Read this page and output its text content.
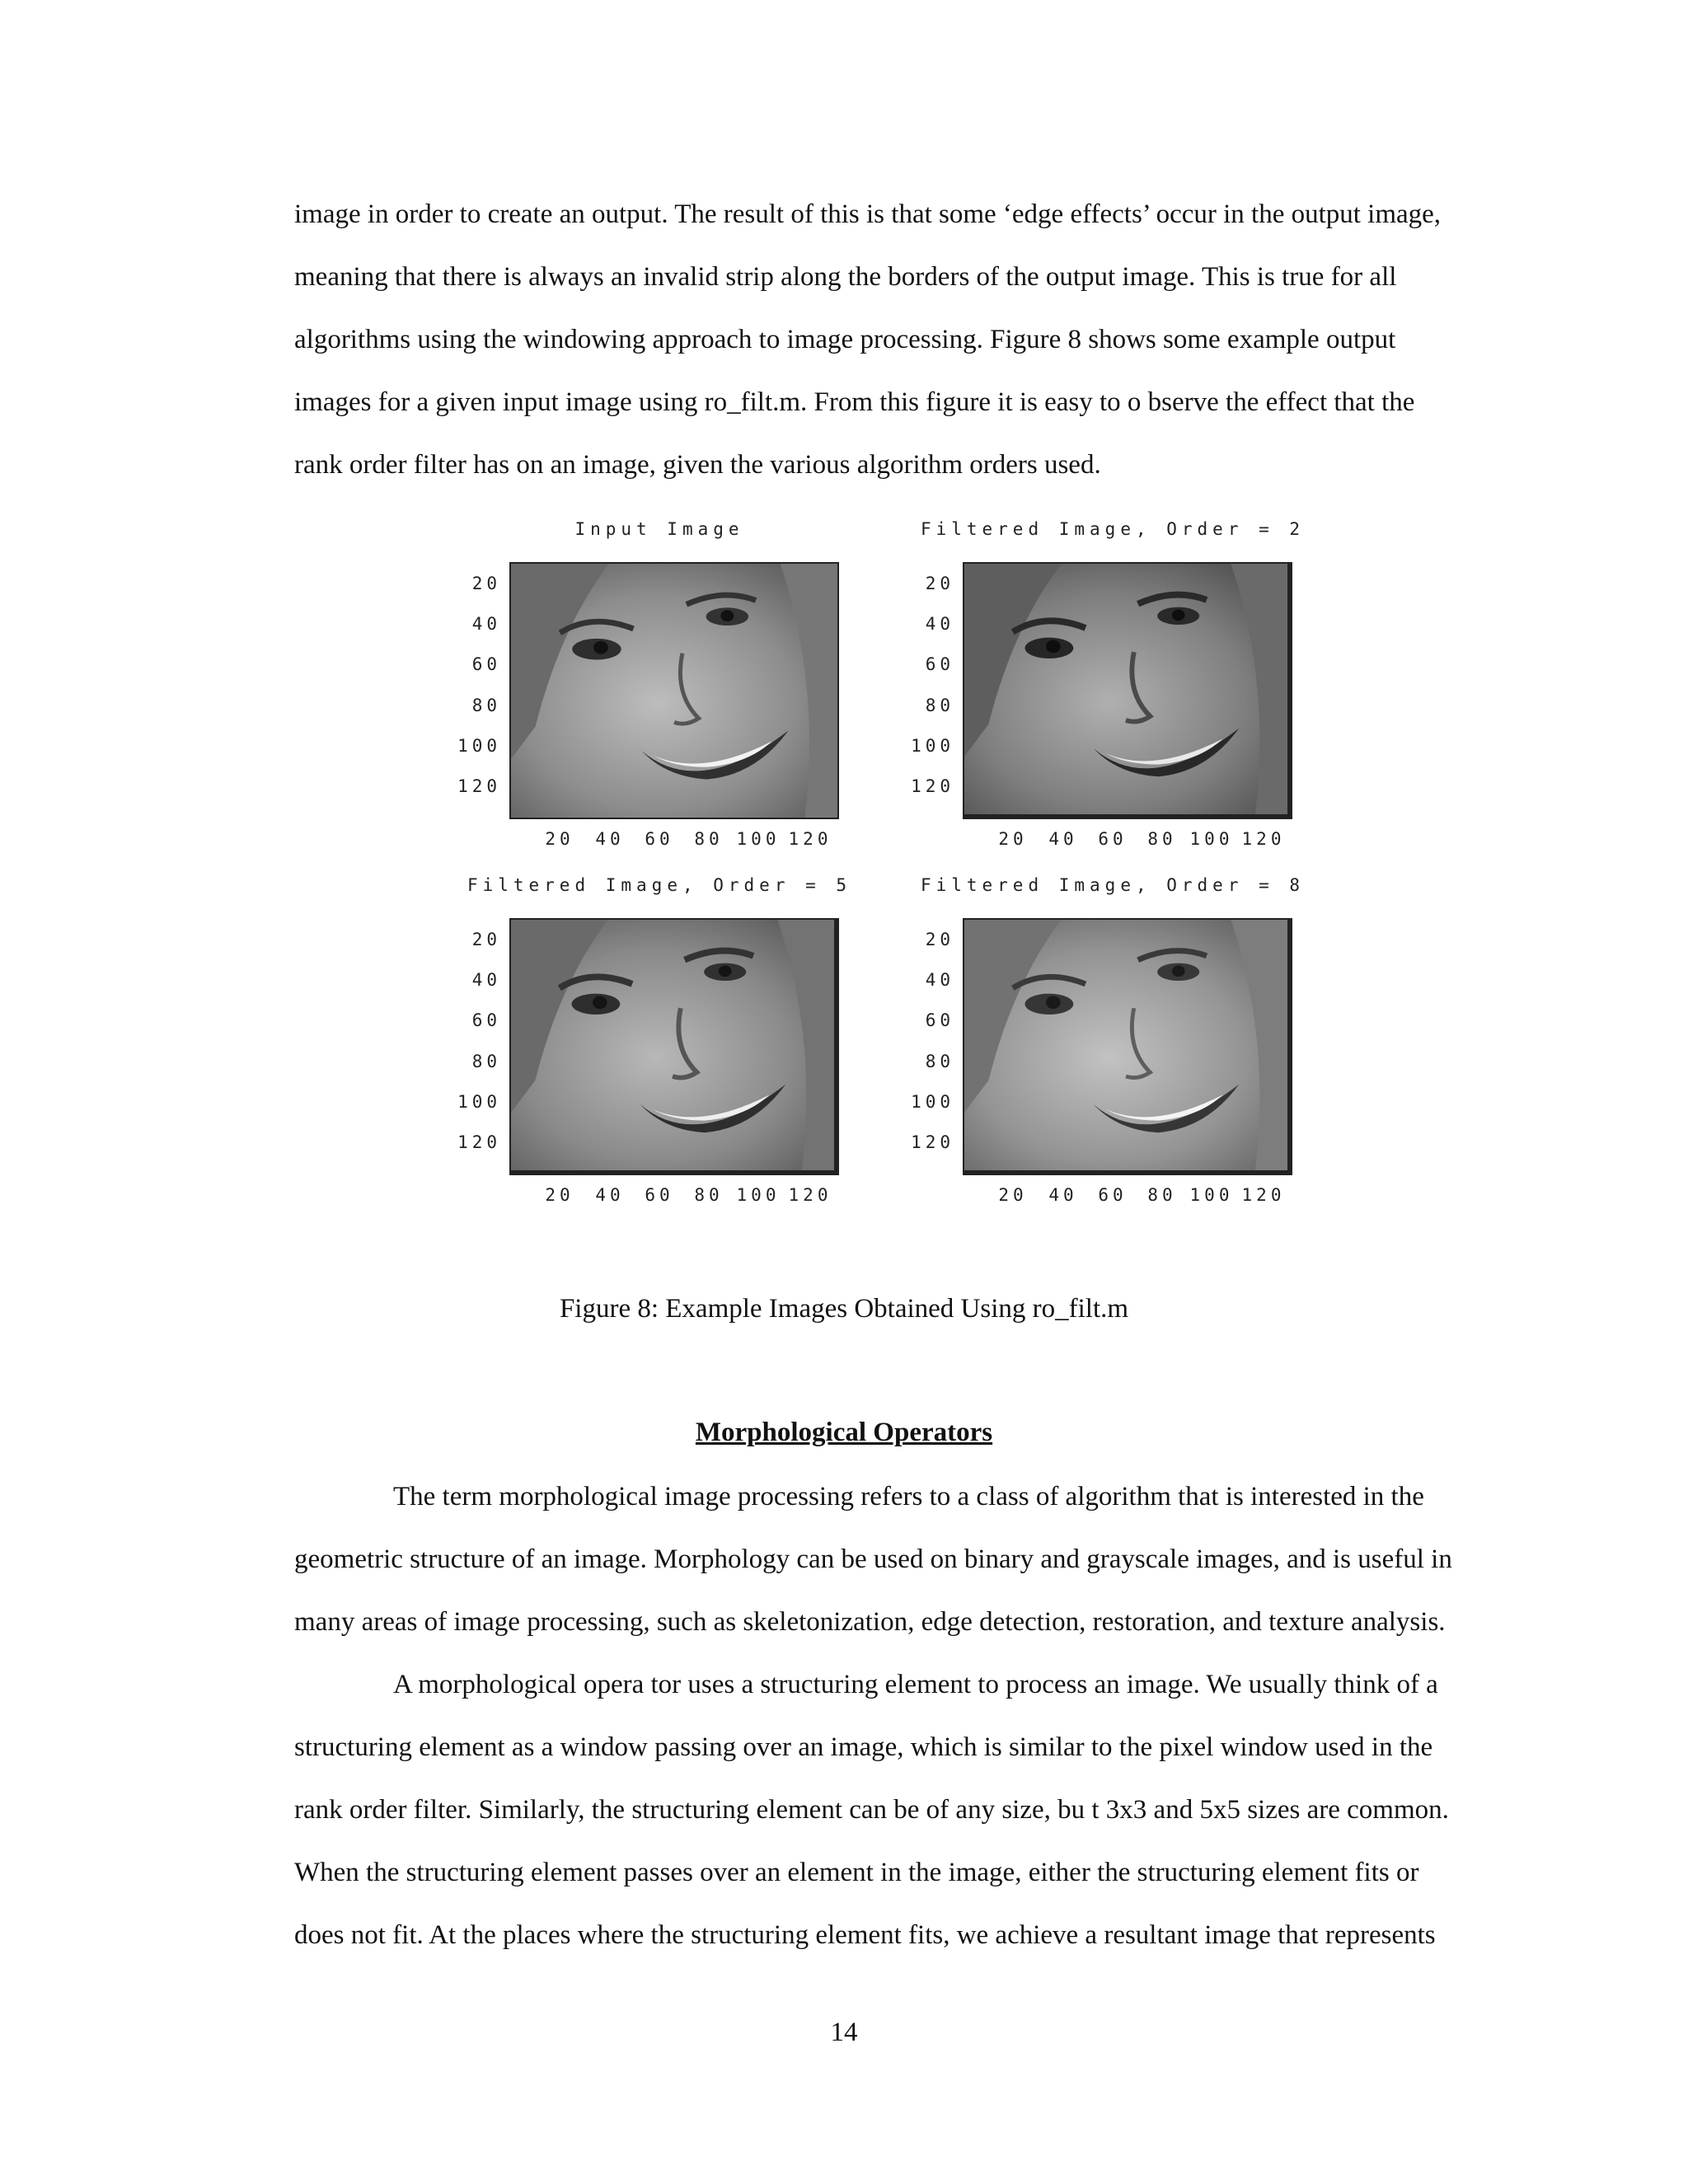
image in order to create an output. The result of this is that some ‘edge effects’ occur in the output image,
meaning that there is always an invalid strip along the borders of the output image. This is true for all
algorithms using the windowing approach to image processing. Figure 8 shows some example output
images for a given input image using ro_filt.m. From this figure it is easy to o bserve the effect that the
rank order filter has on an image, given the various algorithm orders used.

Input Image
20
40
60
80
100
120
20 40 60 80 100 120
Filtered Image, Order = 2
20
40
60
80
100
120
20 40 60 80 100 120
Filtered Image, Order = 5
20
40
60
80
100
120
20 40 60 80 100 120
Filtered Image, Order = 8
20
40
60
80
100
120
20 40 60 80 100 120

Figure 8: Example Images Obtained Using ro_filt.m

Morphological Operators

The term morphological image processing refers to a class of algorithm that is interested in the
geometric structure of an image. Morphology can be used on binary and grayscale images, and is useful in
many areas of image processing, such as skeletonization, edge detection, restoration, and texture analysis.

A morphological opera tor uses a structuring element to process an image. We usually think of a
structuring element as a window passing over an image, which is similar to the pixel window used in the
rank order filter. Similarly, the structuring element can be of any size, bu t 3x3 and 5x5 sizes are common.
When the structuring element passes over an element in the image, either the structuring element fits or
does not fit. At the places where the structuring element fits, we achieve a resultant image that represents

14
